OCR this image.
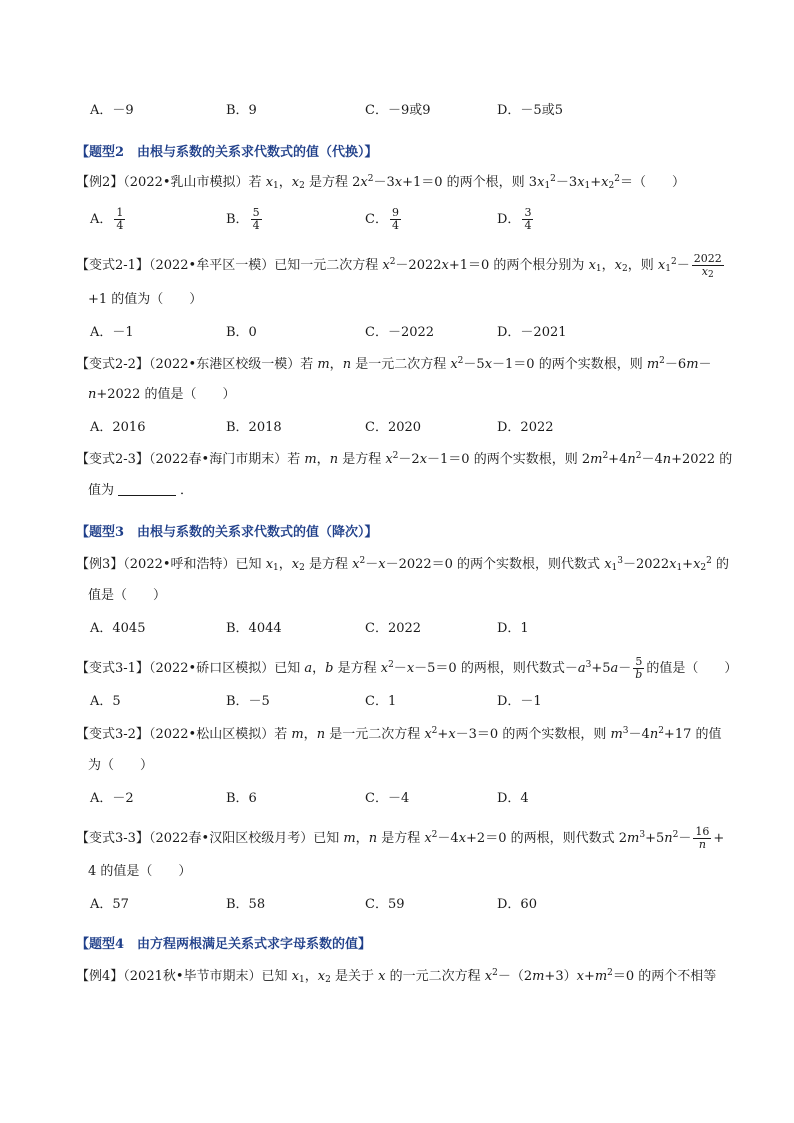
A．－9	B．9	C．－9或9	D．－5或5
【题型2　由根与系数的关系求代数式的值（代换）】
【例2】（2022•乳山市模拟）若 $x_1$，$x_2$ 是方程 $2x^2-3x+1=0$ 的两个根，则 $3x_1^2-3x_1+x_2^2=$（　　）
A． $\frac{1}{4}$	B． $\frac{5}{4}$	C． $\frac{9}{4}$	D． $\frac{3}{4}$
【变式2-1】（2022•牟平区一模）已知一元二次方程 $x^2-2022x+1=0$ 的两个根分别为 $x_1$，$x_2$，则 $x_1^2- \frac{2022}{x_2}$
+1 的值为（　　）
A．－1	B．0	C．－2022	D．－2021
【变式2-2】（2022•东港区校级一模）若 m，n 是一元二次方程 $x^2-5x-1=0$ 的两个实数根，则 $m^2-6m-$
n+2022 的值是（　　）
A．2016	B．2018	C．2020	D．2022
【变式2-3】（2022春•海门市期末）若 m，n 是方程 $x^2-2x-1=0$ 的两个实数根，则 $2m^2+4n^2-4n+2022$ 的
值为	．
【题型3　由根与系数的关系求代数式的值（降次）】
【例3】（2022•呼和浩特）已知 $x_1$，$x_2$ 是方程 $x^2-x-2022=0$ 的两个实数根，则代数式 $x_1^3-2022x_1+x_2^2$ 的
值是（　　）
A．4045	B．4044	C．2022	D．1
【变式3-1】（2022•硚口区模拟）已知 a，b 是方程 $x^2-x-5=0$ 的两根，则代数式$-a^3+5a- \frac{5}{b}$ 的值是（　　）
A．5	B．－5	C．1	D．－1
【变式3-2】（2022•松山区模拟）若 m，n 是一元二次方程 $x^2+x-3=0$ 的两个实数根，则 $m^3-4n^2+17$ 的值
为（　　）
A．－2	B．6	C．－4	D．4
【变式3-3】（2022春•汉阳区校级月考）已知 m，n 是方程 $x^2-4x+2=0$ 的两根，则代数式 $2m^3+5n^2- \frac{16}{n}$ +
4 的值是（　　）
A．57	B．58	C．59	D．60
【题型4　由方程两根满足关系式求字母系数的值】
【例4】（2021秋•毕节市期末）已知 $x_1$，$x_2$ 是关于 x 的一元二次方程 $x^2-(2m+3)x+m^2=0$ 的两个不相等
